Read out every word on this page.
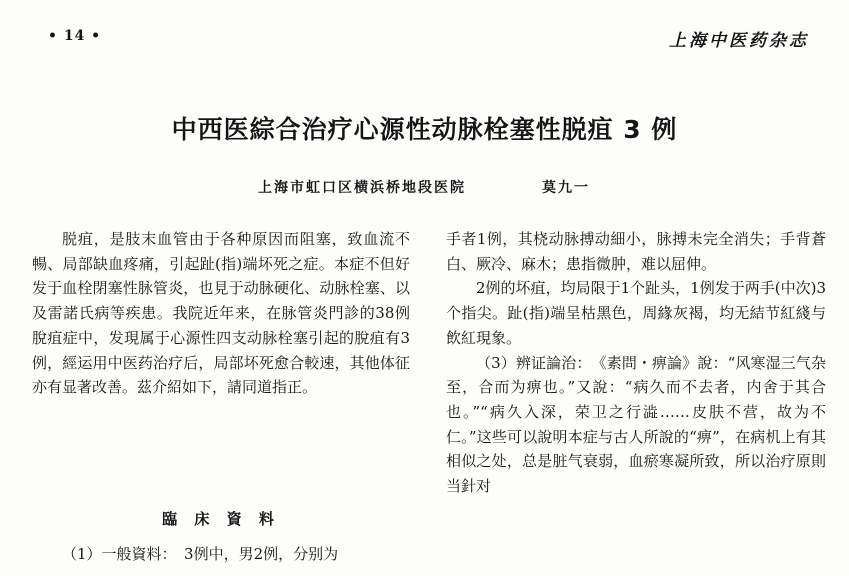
• 14 •	上海中医药杂志
中西医綜合治疗心源性动脉栓塞性脱疽 3 例
上海市虹口区横浜桥地段医院	莫九一

脱疽，是肢末血管由于各种原因而阻塞，致血流不暢、局部缺血疼痛，引起趾(指)端坏死之症。本症不但好发于血栓閉塞性脉管炎，也見于动脉硬化、动脉栓塞、以及雷諾氏病等疾患。我院近年来，在脉管炎門診的38例脫疽症中，发現属于心源性四支动脉栓塞引起的脫疽有3例，經运用中医药治疗后，局部坏死愈合較速，其他体征亦有显著改善。茲介紹如下，請同道指正。

臨 床 資 料

（1）一般資料：　3例中，男2例，分别为

手者1例，其桡动脉搏动細小，脉搏未完全消失；手背蒼白、厥冷、麻木；患指微肿，难以屈伸。

2例的坏疽，均局限于1个趾头，1例发于两手(中次)3个指尖。趾(指)端呈枯黑色，周緣灰褐，均无結节紅綫与飲紅現象。

（3）辨证論治：　《素問・痹論》說：“风寒湿三气杂至，合而为痹也。”又說：“病久而不去者，内舍于其合也。”“病久入深，荣卫之行澁……皮肤不营，故为不仁。”这些可以說明本症与古人所說的“痹”，在病机上有其相似之处，总是脏气衰弱，血瘀寒凝所致，所以治疗原則当針对
